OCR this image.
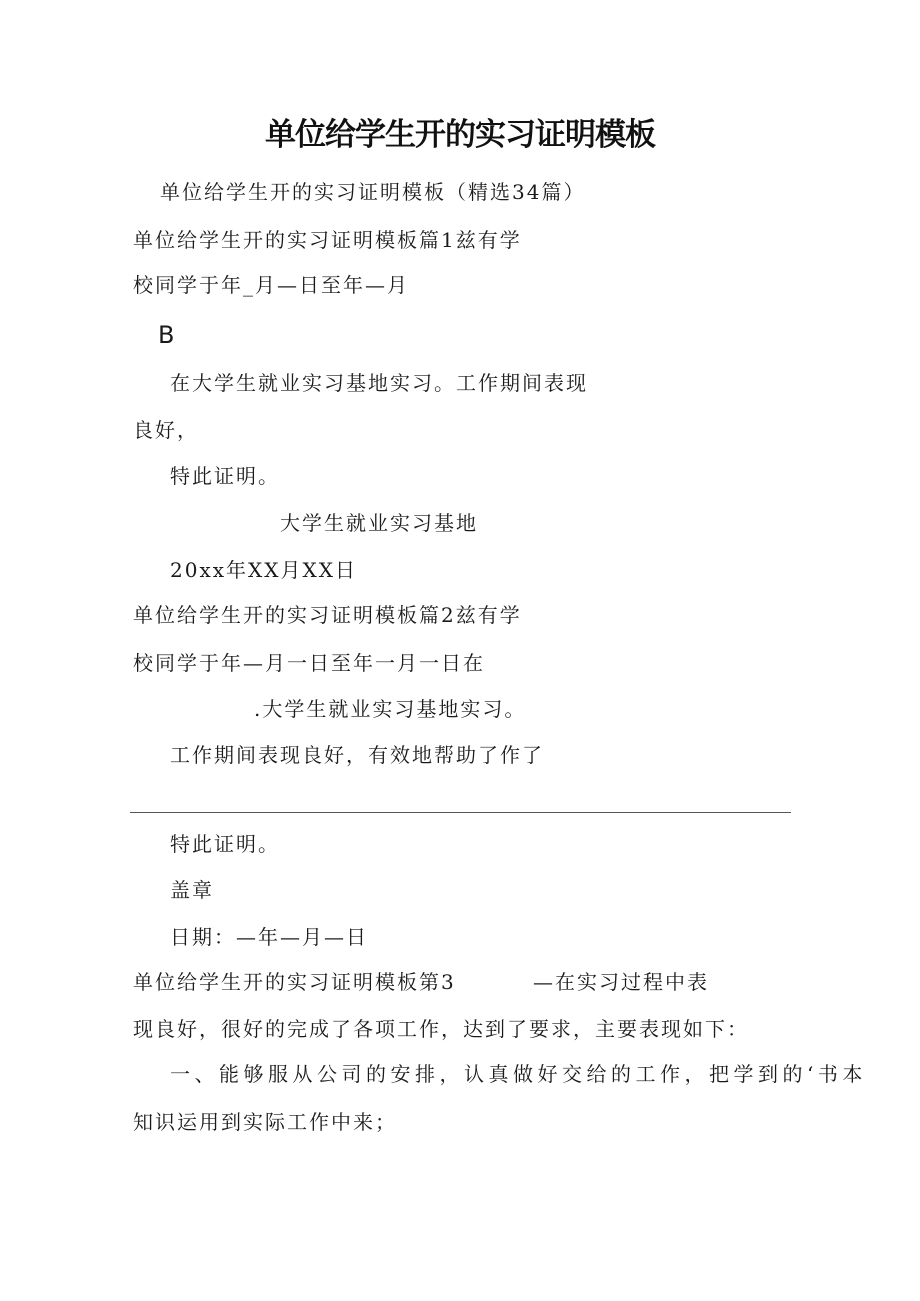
单位给学生开的实习证明模板
单位给学生开的实习证明模板（精选34篇）
单位给学生开的实习证明模板篇1兹有学
校同学于年_月—日至年—月
B
在大学生就业实习基地实习。工作期间表现
良好，
特此证明。
大学生就业实习基地
20xx年XX月XX日
单位给学生开的实习证明模板篇2兹有学
校同学于年—月一日至年一月一日在
.大学生就业实习基地实习。
工作期间表现良好，有效地帮助了作了
特此证明。
盖章
日期：—年—月—日
单位给学生开的实习证明模板第3	—在实习过程中表
现良好，很好的完成了各项工作，达到了要求，主要表现如下：
一、能够服从公司的安排，认真做好交给的工作，把学到的‘书本
知识运用到实际工作中来；
